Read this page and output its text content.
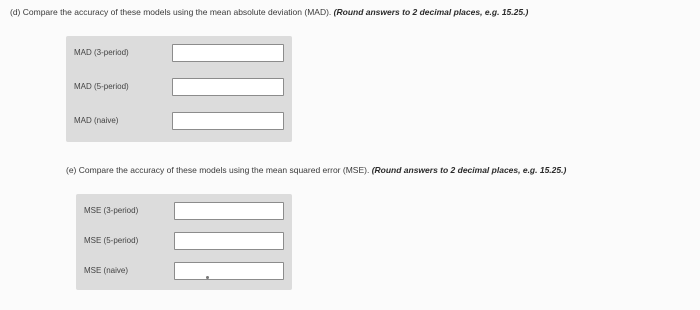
(d) Compare the accuracy of these models using the mean absolute deviation (MAD). (Round answers to 2 decimal places, e.g. 15.25.)
MAD (3-period)
MAD (5-period)
MAD (naive)
(e) Compare the accuracy of these models using the mean squared error (MSE). (Round answers to 2 decimal places, e.g. 15.25.)
MSE (3-period)
MSE (5-period)
MSE (naive)
